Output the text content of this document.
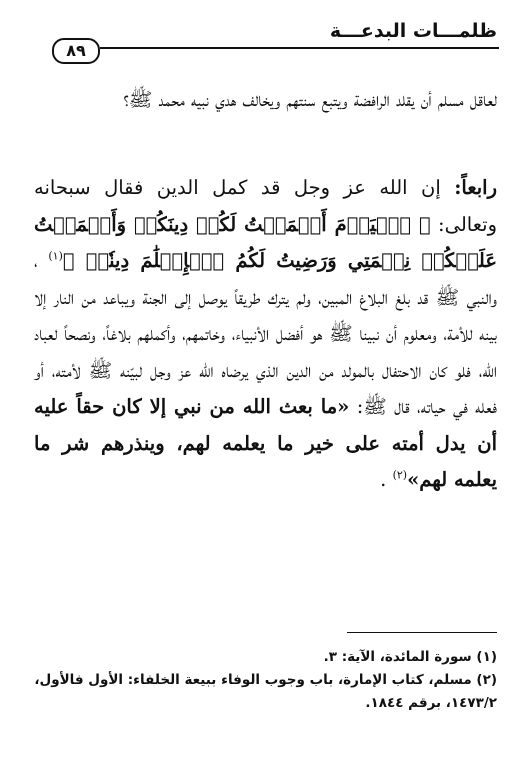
ظلمـــات البدعـــة
٨٩
لعاقل مسلم أن يقلد الرافضة ويتبع سنتهم ويخالف هدي نبيه محمد ﷺ؟
رابعاً: إن الله عز وجل قد كمل الدين فقال سبحانه وتعالى: ﴿ ٱلۡيَوۡمَ أَكۡمَلۡتُ لَكُمۡ دِينَكُمۡ وَأَتۡمَمۡتُ عَلَيۡكُمۡ نِعۡمَتِي وَرَضِيتُ لَكُمُ ٱلۡإِسۡلَٰمَ دِينٗاۚ ﴾$^{(١)}$ ، والنبي ﷺ قد بلغ البلاغ المبين، ولم يترك طريقاً يوصل إلى الجنة ويباعد من النار إلا بينه للأمة، ومعلوم أن نبينا ﷺ هو أفضل الأنبياء، وخاتمهم، وأكملهم بلاغاً، ونصحاً لعباد الله، فلو كان الاحتفال بالمولد من الدين الذي يرضاه الله عز وجل لبيّنه ﷺ لأمته، أو فعله في حياته، قال ﷺ: «ما بعث الله من نبي إلا كان حقاً عليه أن يدل أمته على خير ما يعلمه لهم، وينذرهم شر ما يعلمه لهم»$^{(٢)}$ .
(١) سورة المائدة، الآية: ٣.
(٢) مسلم، كتاب الإمارة، باب وجوب الوفاء ببيعة الخلفاء: الأول فالأول، ١٤٧٣/٢، برقم ١٨٤٤.
